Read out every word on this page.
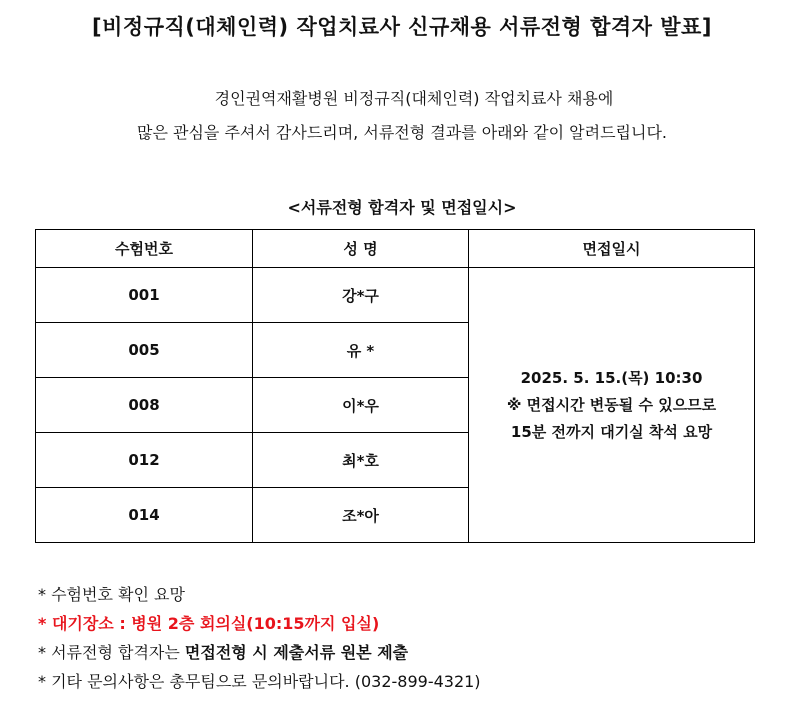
[비정규직(대체인력) 작업치료사 신규채용 서류전형 합격자 발표]
경인권역재활병원 비정규직(대체인력) 작업치료사 채용에
많은 관심을 주셔서 감사드리며, 서류전형 결과를 아래와 같이 알려드립니다.
<서류전형 합격자 및 면접일시>
수험번호	성 명	면접일시
001	강*구	2025. 5. 15.(목) 10:30
※ 면접시간 변동될 수 있으므로
15분 전까지 대기실 착석 요망

005	유 *	
008	이*우	
012	최*호	
014	조*아	
* 수험번호 확인 요망
* 대기장소 : 병원 2층 회의실(10:15까지 입실)
* 서류전형 합격자는 면접전형 시 제출서류 원본 제출
* 기타 문의사항은 총무팀으로 문의바랍니다. (032-899-4321)
